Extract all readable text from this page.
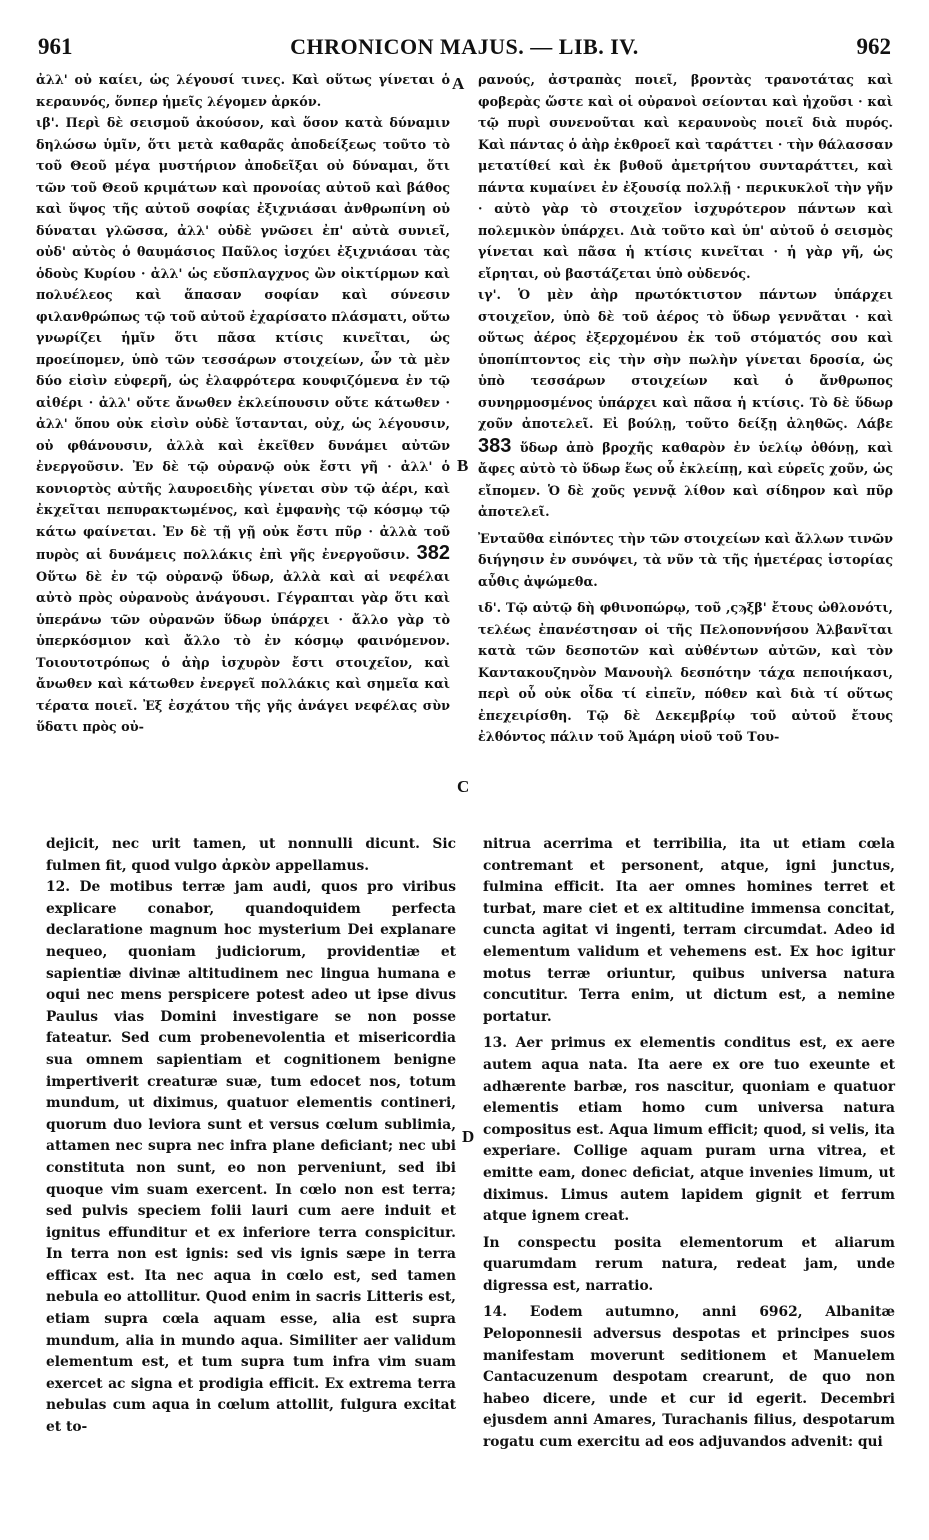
961	CHRONICON MAJUS. — LIB. IV.	962
A
B
C
D

ἀλλ' οὐ καίει, ὡς λέγουσί τινες. Καὶ οὕτως γίνεται ὁ κεραυνός, ὅνπερ ἡμεῖς λέγομεν ἀρκόν.

ιβ'. Περὶ δὲ σεισμοῦ ἀκούσον, καὶ ὅσον κατὰ δύναμιν δηλώσω ὑμῖν, ὅτι μετὰ καθαρᾶς ἀποδείξεως τοῦτο τὸ τοῦ Θεοῦ μέγα μυστήριον ἀποδεῖξαι οὐ δύναμαι, ὅτι τῶν τοῦ Θεοῦ κριμάτων καὶ προνοίας αὐτοῦ καὶ βάθος καὶ ὕψος τῆς αὐτοῦ σοφίας ἐξιχνιάσαι ἀνθρωπίνη οὐ δύναται γλῶσσα, ἀλλ' οὐδὲ γνῶσει ἐπ' αὐτὰ συνιεῖ, οὐδ' αὐτὸς ὁ θαυμάσιος Παῦλος ἰσχύει ἐξιχνιάσαι τὰς ὁδοὺς Κυρίου · ἀλλ' ὡς εὔσπλαγχνος ὢν οἰκτίρμων καὶ πολυέλεος καὶ ἅπασαν σοφίαν καὶ σύνεσιν φιλανθρώπως τῷ τοῦ αὐτοῦ ἐχαρίσατο πλάσματι, οὕτω γνωρίζει ἡμῖν ὅτι πᾶσα κτίσις κινεῖται, ὡς προείπομεν, ὑπὸ τῶν τεσσάρων στοιχείων, ὧν τὰ μὲν δύο εἰσὶν εὐφερῆ, ὡς ἐλαφρότερα κουφιζόμενα ἐν τῷ αἰθέρι · ἀλλ' οὔτε ἄνωθεν ἐκλείπουσιν οὔτε κάτωθεν · ἀλλ' ὅπου οὐκ εἰσὶν οὐδὲ ἵστανται, οὐχ, ὡς λέγουσιν, οὐ φθάνουσιν, ἀλλὰ καὶ ἐκεῖθεν δυνάμει αὐτῶν ἐνεργοῦσιν. Ἐν δὲ τῷ οὐρανῷ οὐκ ἔστι γῆ · ἀλλ' ὁ κονιορτὸς αὐτῆς λαυροειδὴς γίνεται σὺν τῷ ἀέρι, καὶ ἐκχεῖται πεπυρακτωμένος, καὶ ἐμφανὴς τῷ κόσμῳ τῷ κάτω φαίνεται. Ἐν δὲ τῇ γῇ οὐκ ἔστι πῦρ · ἀλλὰ τοῦ πυρὸς αἱ δυνάμεις πολλάκις ἐπὶ γῆς ἐνεργοῦσιν. 382 Οὕτω δὲ ἐν τῷ οὐρανῷ ὕδωρ, ἀλλὰ καὶ αἱ νεφέλαι αὐτὸ πρὸς οὐρανοὺς ἀνάγουσι. Γέγραπται γὰρ ὅτι καὶ ὑπεράνω τῶν οὐρανῶν ὕδωρ ὑπάρχει · ἄλλο γὰρ τὸ ὑπερκόσμιον καὶ ἄλλο τὸ ἐν κόσμῳ φαινόμενον. Τοιουτοτρόπως ὁ ἀὴρ ἰσχυρὸν ἔστι στοιχεῖον, καὶ ἄνωθεν καὶ κάτωθεν ἐνεργεῖ πολλάκις καὶ σημεῖα καὶ τέρατα ποιεῖ. Ἐξ ἐσχάτου τῆς γῆς ἀνάγει νεφέλας σὺν ὕδατι πρὸς οὐ-

ρανούς, ἀστραπὰς ποιεῖ, βροντὰς τρανοτάτας καὶ φοβερὰς ὥστε καὶ οἱ οὐρανοὶ σείονται καὶ ἠχοῦσι · καὶ τῷ πυρὶ συνενοῦται καὶ κεραυνοὺς ποιεῖ διὰ πυρός. Καὶ πάντας ὁ ἀὴρ ἐκθροεῖ καὶ ταράττει · τὴν θάλασσαν μετατίθεί καὶ ἐκ βυθοῦ ἀμετρήτου συνταράττει, καὶ πάντα κυμαίνει ἐν ἐξουσίᾳ πολλῇ · περικυκλοῖ τὴν γῆν · αὐτὸ γὰρ τὸ στοιχεῖον ἰσχυρότερον πάντων καὶ πολεμικὸν ὑπάρχει. Διὰ τοῦτο καὶ ὑπ' αὐτοῦ ὁ σεισμὸς γίνεται καὶ πᾶσα ἡ κτίσις κινεῖται · ἡ γὰρ γῆ, ὡς εἴρηται, οὐ βαστάζεται ὑπὸ οὐδενός.

ιγ'. Ὁ μὲν ἀὴρ πρωτόκτιστον πάντων ὑπάρχει στοιχεῖον, ὑπὸ δὲ τοῦ ἀέρος τὸ ὕδωρ γεννᾶται · καὶ οὕτως ἀέρος ἐξερχομένου ἐκ τοῦ στόματός σου καὶ ὑποπίπτοντος εἰς τὴν σὴν πωλὴν γίνεται δροσία, ὡς ὑπὸ τεσσάρων στοιχείων καὶ ὁ ἄνθρωπος συνηρμοσμένος ὑπάρχει καὶ πᾶσα ἡ κτίσις. Τὸ δὲ ὕδωρ χοῦν ἀποτελεῖ. Εἰ βούλῃ, τοῦτο δείξῃ ἀληθῶς. Λάβε 383 ὕδωρ ἀπὸ βροχῆς καθαρὸν ἐν ὑελίῳ ὀθόνῃ, καὶ ἄφες αὐτὸ τὸ ὕδωρ ἕως οὗ ἐκλείπῃ, καὶ εὑρεῖς χοῦν, ὡς εἴπομεν. Ὁ δὲ χοῦς γεννᾷ λίθον καὶ σίδηρον καὶ πῦρ ἀποτελεῖ.

Ἐνταῦθα εἰπόντες τὴν τῶν στοιχείων καὶ ἄλλων τινῶν διήγησιν ἐν συνόψει, τὰ νῦν τὰ τῆς ἡμετέρας ἱστορίας αὖθις ἀψώμεθα.

ιδ'. Τῷ αὐτῷ δὴ φθινοπώρῳ, τοῦ ,ςϡξβ' ἔτους ὠθλονότι, τελέως ἐπανέστησαν οἱ τῆς Πελοποννήσου Ἀλβανῖται κατὰ τῶν δεσποτῶν καὶ αὐθέντων αὐτῶν, καὶ τὸν Καντακουζηνὸν Μανουὴλ δεσπότην τάχα πεποιήκασι, περὶ οὗ οὐκ οἶδα τί εἰπεῖν, πόθεν καὶ διὰ τί οὕτως ἐπεχειρίσθη. Τῷ δὲ Δεκεμβρίῳ τοῦ αὐτοῦ ἔτους ἐλθόντος πάλιν τοῦ Ἀμάρη υἱοῦ τοῦ Του-

dejicit, nec urit tamen, ut nonnulli dicunt. Sic fulmen fit, quod vulgo ἀρκὸν appellamus.

12. De motibus terræ jam audi, quos pro viribus explicare conabor, quandoquidem perfecta declaratione magnum hoc mysterium Dei explanare nequeo, quoniam judiciorum, providentiæ et sapientiæ divinæ altitudinem nec lingua humana e oqui nec mens perspicere potest adeo ut ipse divus Paulus vias Domini investigare se non posse fateatur. Sed cum probenevolentia et misericordia sua omnem sapientiam et cognitionem benigne impertiverit creaturæ suæ, tum edocet nos, totum mundum, ut diximus, quatuor elementis contineri, quorum duo leviora sunt et versus cœlum sublimia, attamen nec supra nec infra plane deficiant; nec ubi constituta non sunt, eo non perveniunt, sed ibi quoque vim suam exercent. In cœlo non est terra; sed pulvis speciem folii lauri cum aere induit et ignitus effunditur et ex inferiore terra conspicitur. In terra non est ignis: sed vis ignis sæpe in terra efficax est. Ita nec aqua in cœlo est, sed tamen nebula eo attollitur. Quod enim in sacris Litteris est, etiam supra cœla aquam esse, alia est supra mundum, alia in mundo aqua. Similiter aer validum elementum est, et tum supra tum infra vim suam exercet ac signa et prodigia efficit. Ex extrema terra nebulas cum aqua in cœlum attollit, fulgura excitat et to-

nitrua acerrima et terribilia, ita ut etiam cœla contremant et personent, atque, igni junctus, fulmina efficit. Ita aer omnes homines terret et turbat, mare ciet et ex altitudine immensa concitat, cuncta agitat vi ingenti, terram circumdat. Adeo id elementum validum et vehemens est. Ex hoc igitur motus terræ oriuntur, quibus universa natura concutitur. Terra enim, ut dictum est, a nemine portatur.

13. Aer primus ex elementis conditus est, ex aere autem aqua nata. Ita aere ex ore tuo exeunte et adhærente barbæ, ros nascitur, quoniam e quatuor elementis etiam homo cum universa natura compositus est. Aqua limum efficit; quod, si velis, ita experiare. Collige aquam puram urna vitrea, et emitte eam, donec deficiat, atque invenies limum, ut diximus. Limus autem lapidem gignit et ferrum atque ignem creat.

In conspectu posita elementorum et aliarum quarumdam rerum natura, redeat jam, unde digressa est, narratio.

14. Eodem autumno, anni 6962, Albanitæ Peloponnesii adversus despotas et principes suos manifestam moverunt seditionem et Manuelem Cantacuzenum despotam crearunt, de quo non habeo dicere, unde et cur id egerit. Decembri ejusdem anni Amares, Turachanis filius, despotarum rogatu cum exercitu ad eos adjuvandos advenit: qui
